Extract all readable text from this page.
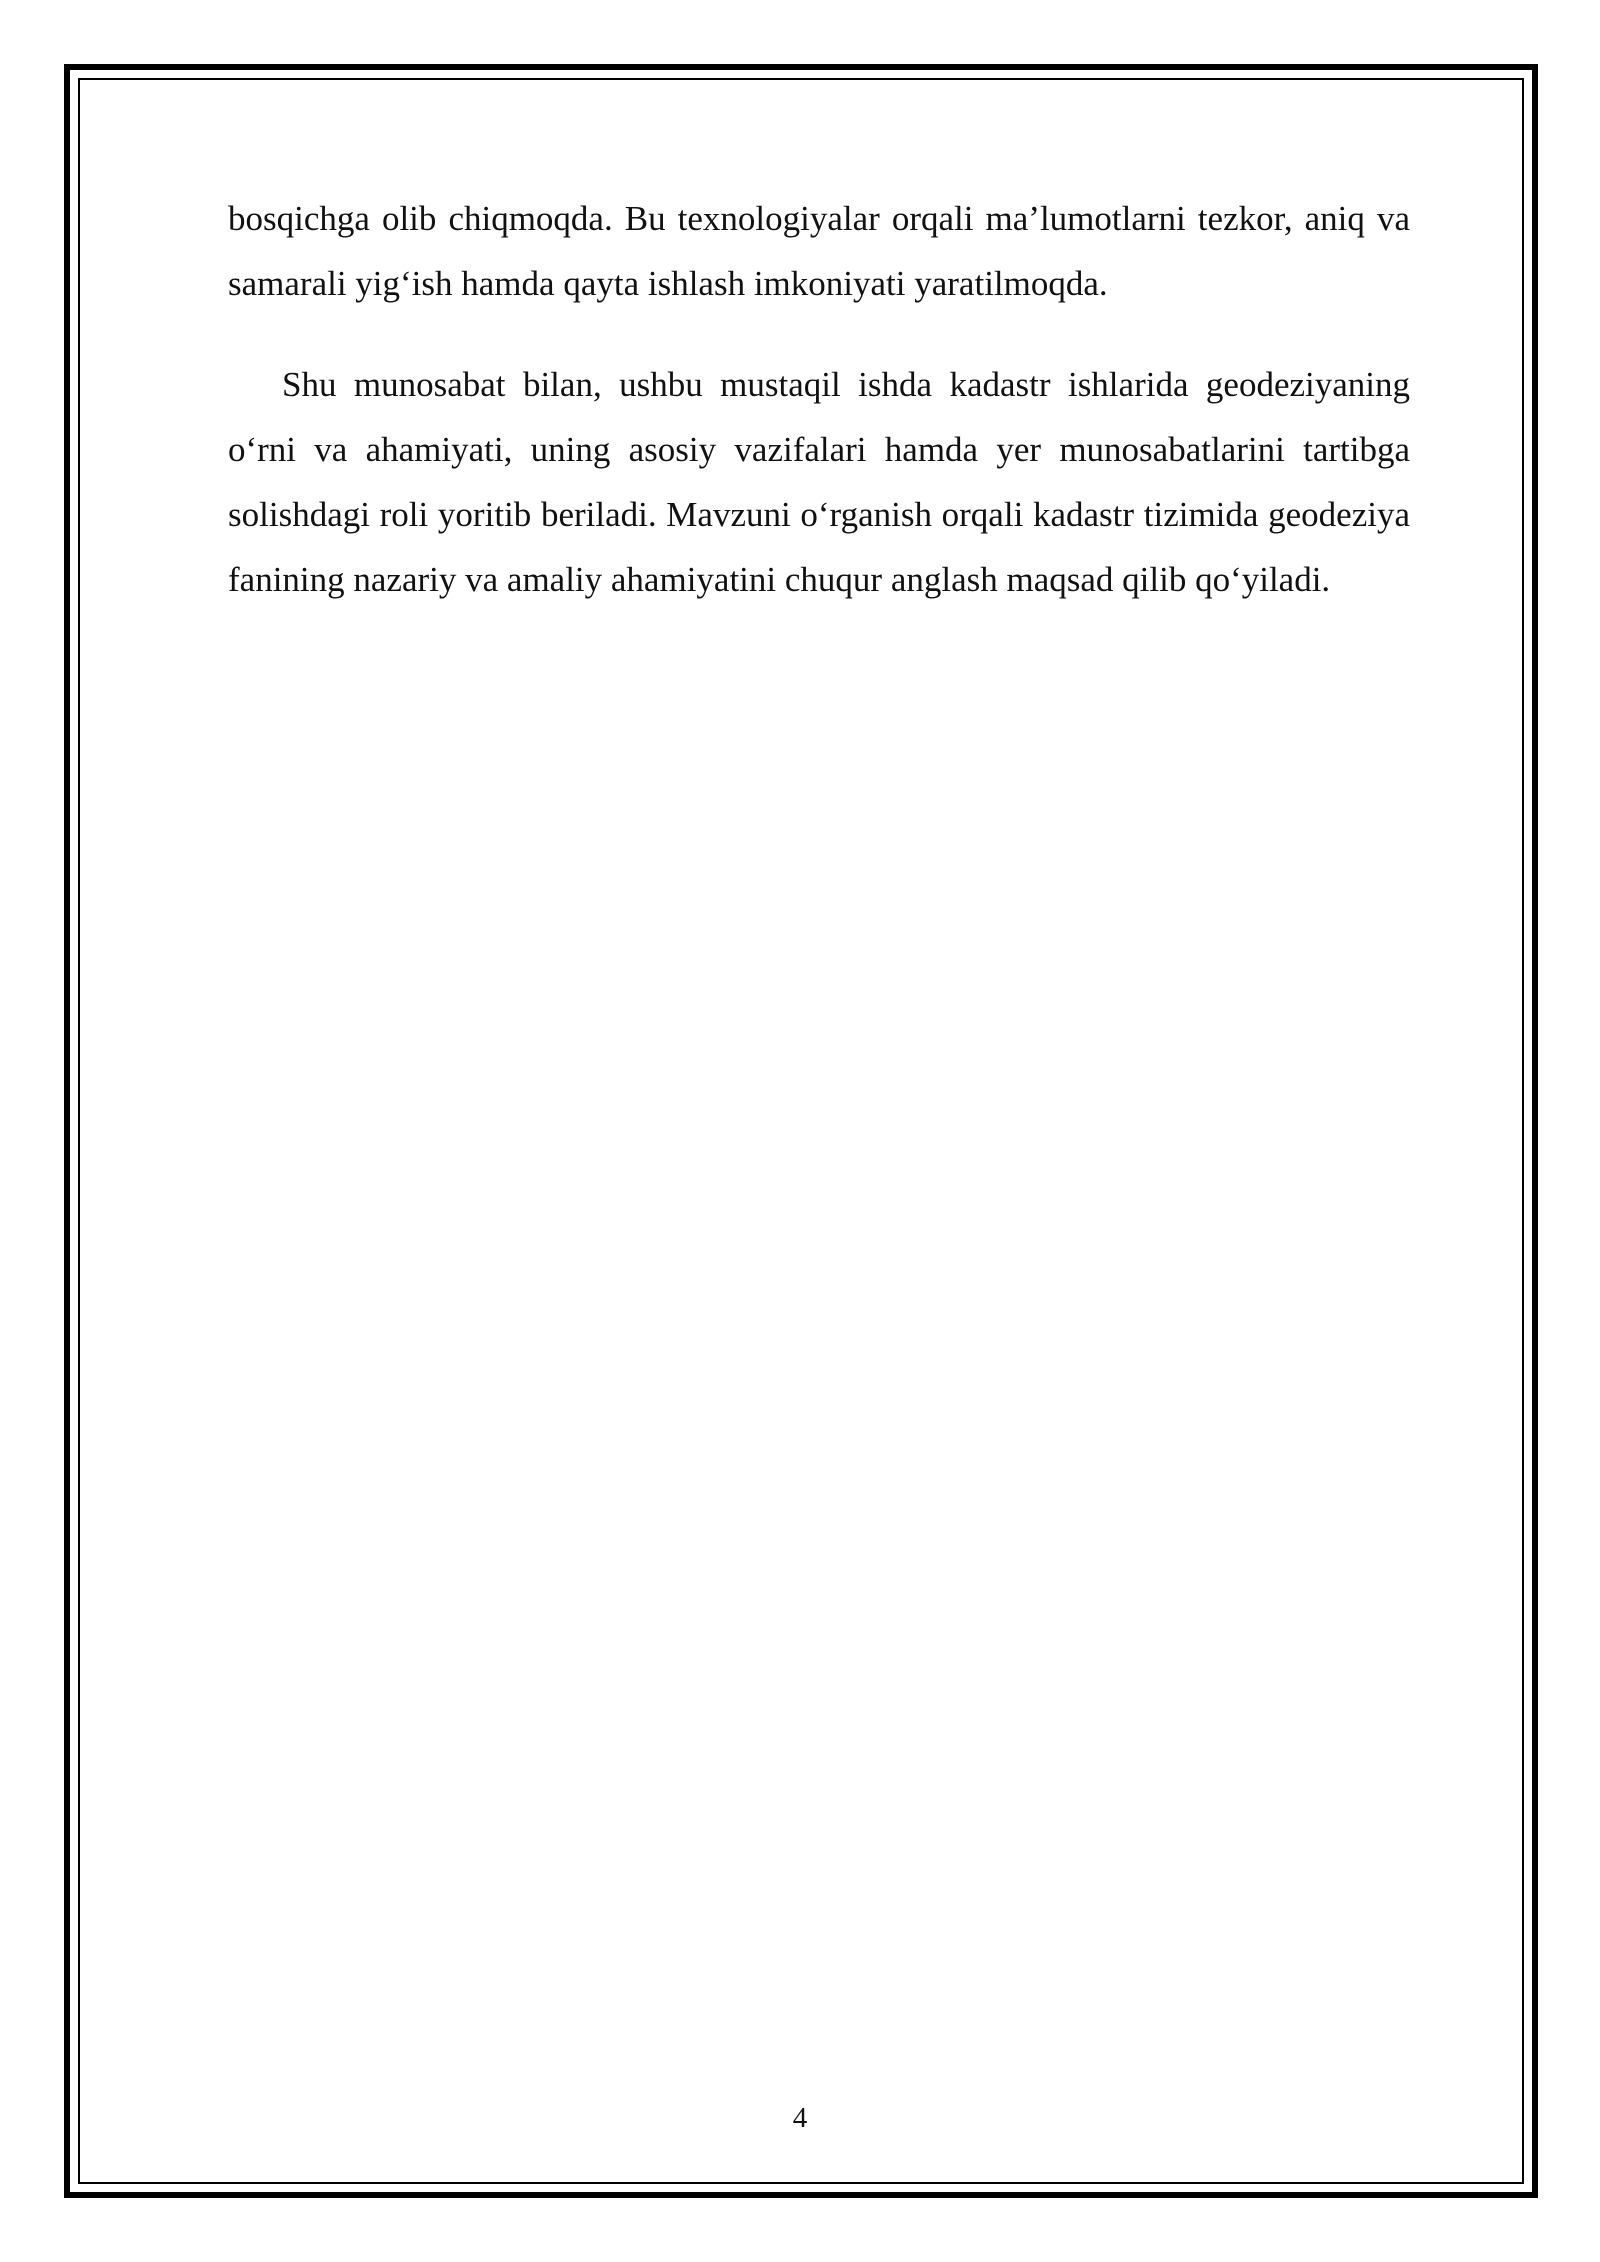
bosqichga olib chiqmoqda. Bu texnologiyalar orqali ma’lumotlarni tezkor, aniq va samarali yig‘ish hamda qayta ishlash imkoniyati yaratilmoqda.

Shu munosabat bilan, ushbu mustaqil ishda kadastr ishlarida geodeziyaning o‘rni va ahamiyati, uning asosiy vazifalari hamda yer munosabatlarini tartibga solishdagi roli yoritib beriladi. Mavzuni o‘rganish orqali kadastr tizimida geodeziya fanining nazariy va amaliy ahamiyatini chuqur anglash maqsad qilib qo‘yiladi.

4
